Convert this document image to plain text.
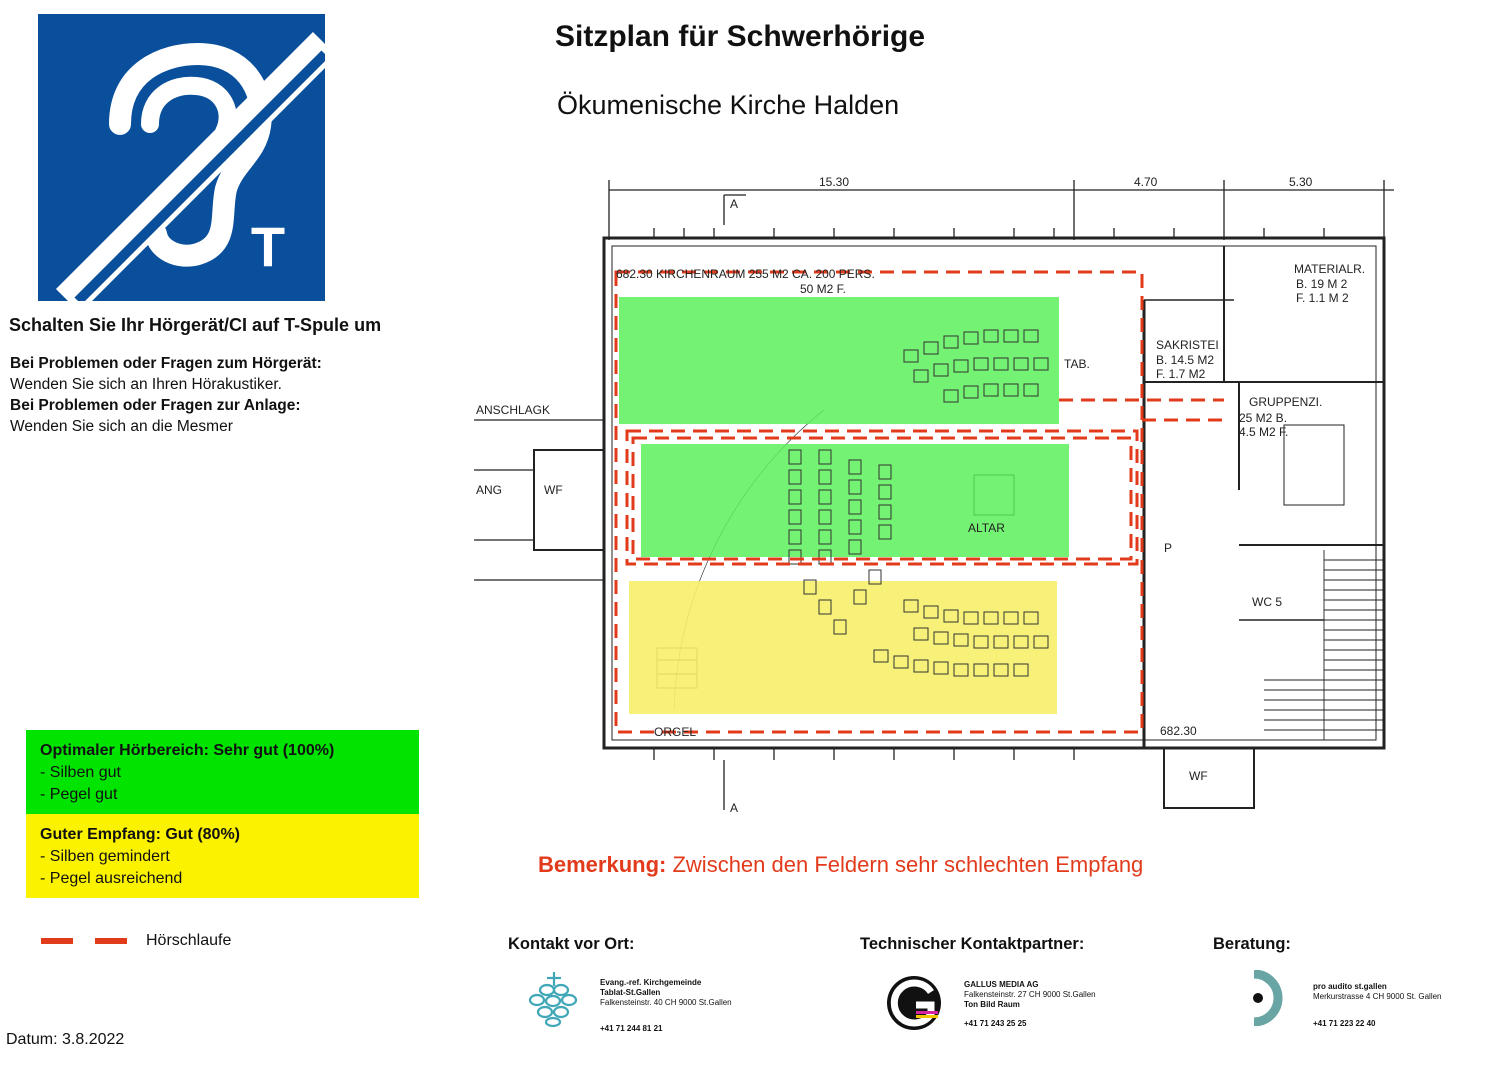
T
Sitzplan für Schwerhörige
Ökumenische Kirche Halden
Schalten Sie Ihr Hörgerät/CI auf T-Spule um
Bei Problemen oder Fragen zum Hörgerät:
Wenden Sie sich an Ihren Hörakustiker.
Bei Problemen oder Fragen zur Anlage:
Wenden Sie sich an die Mesmer
Optimaler Hörbereich: Sehr gut (100%)
- Silben gut
- Pegel gut
Guter Empfang: Gut (80%)
- Silben gemindert
- Pegel ausreichend
Hörschlaufe
15.30	4.70	5.30
A
A
682.30 KIRCHENRAUM 255 M2 CA. 200 PERS.
50 M2 F.
MATERIALR.
B. 19 M 2
F. 1.1 M 2
SAKRISTEI
B. 14.5 M2
F. 1.7 M2
GRUPPENZI.
25 M2 B.
4.5 M2 F.
TAB.
ALTAR
ORGEL
WF
WF
WC 5
P
682.30
ANSCHLAGK
ANG
Bemerkung: Zwischen den Feldern sehr schlechten Empfang
Kontakt vor Ort:
Evang.-ref. Kirchgemeinde
Tablat-St.Gallen
Falkensteinstr. 40 CH 9000 St.Gallen
+41 71 244 81 21
Technischer Kontaktpartner:
GALLUS MEDIA AG
Falkensteinstr. 27 CH 9000 St.Gallen
Ton Bild Raum
+41 71 243 25 25
Beratung:
pro audito st.gallen
Merkurstrasse 4 CH 9000 St. Gallen
+41 71 223 22 40
Datum: 3.8.2022
